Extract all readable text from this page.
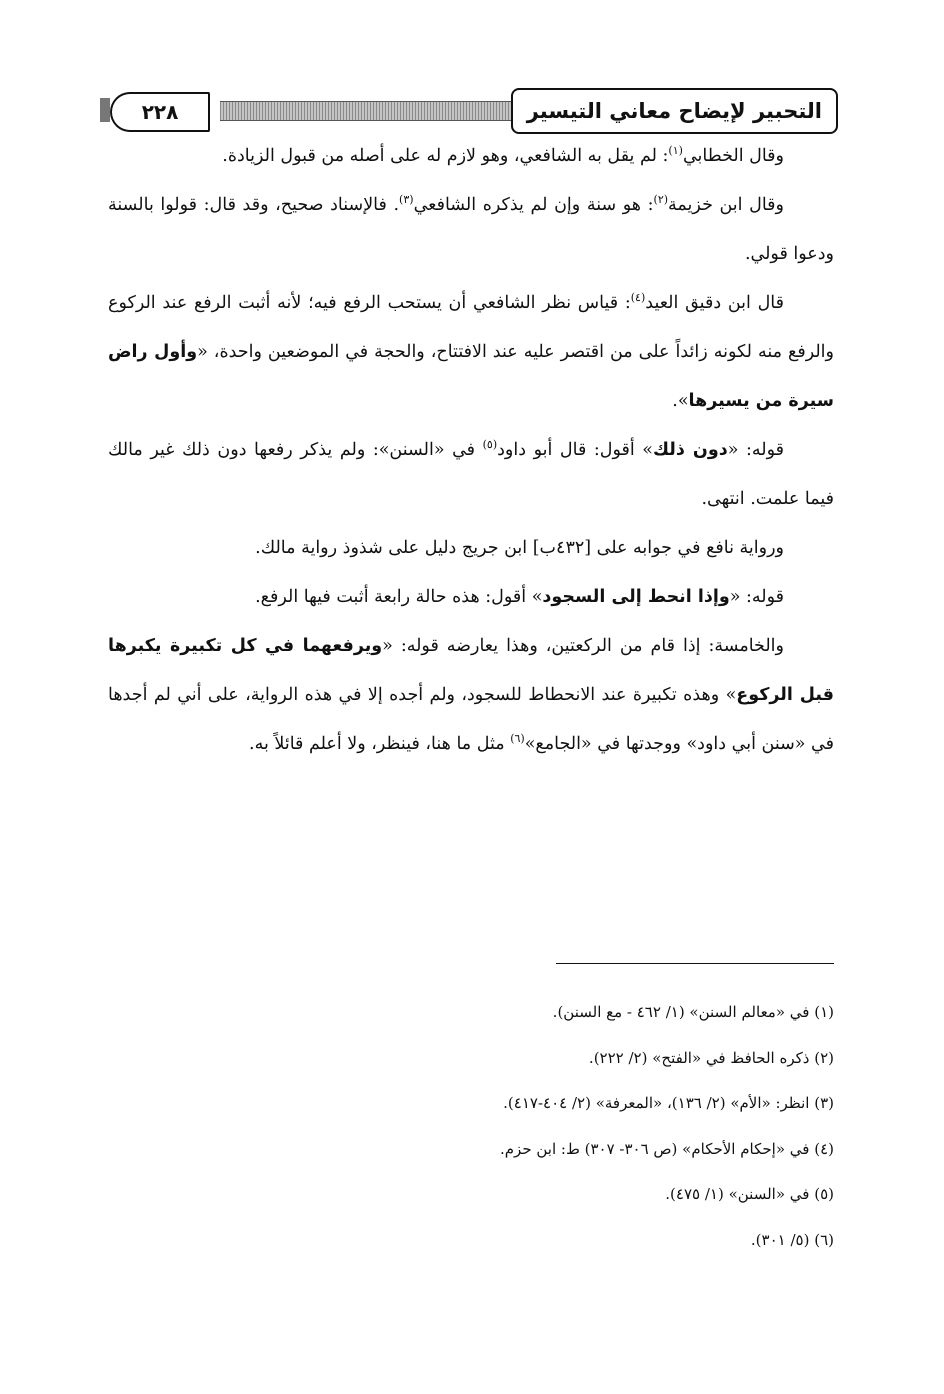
٢٢٨	التحبير لإيضاح معاني التيسير

وقال الخطابي$^{(١)}$: لم يقل به الشافعي، وهو لازم له على أصله من قبول الزيادة.

وقال ابن خزيمة$^{(٢)}$: هو سنة وإن لم يذكره الشافعي$^{(٣)}$. فالإسناد صحيح، وقد قال: قولوا بالسنة ودعوا قولي.

قال ابن دقيق العيد$^{(٤)}$: قياس نظر الشافعي أن يستحب الرفع فيه؛ لأنه أثبت الرفع عند الركوع والرفع منه لكونه زائداً على من اقتصر عليه عند الافتتاح، والحجة في الموضعين واحدة، «وأول راض سيرة من يسيرها».

قوله: «دون ذلك» أقول: قال أبو داود$^{(٥)}$ في «السنن»: ولم يذكر رفعها دون ذلك غير مالك فيما علمت. انتهى.

ورواية نافع في جوابه على [٤٣٢ب] ابن جريج دليل على شذوذ رواية مالك.

قوله: «وإذا انحط إلى السجود» أقول: هذه حالة رابعة أثبت فيها الرفع.

والخامسة: إذا قام من الركعتين، وهذا يعارضه قوله: «ويرفعهما في كل تكبيرة يكبرها قبل الركوع» وهذه تكبيرة عند الانحطاط للسجود، ولم أجده إلا في هذه الرواية، على أني لم أجدها في «سنن أبي داود» ووجدتها في «الجامع»$^{(٦)}$ مثل ما هنا، فينظر، ولا أعلم قائلاً به.

(١) في «معالم السنن» (١/ ٤٦٢ - مع السنن).

(٢) ذكره الحافظ في «الفتح» (٢/ ٢٢٢).

(٣) انظر: «الأم» (٢/ ١٣٦)، «المعرفة» (٢/ ٤٠٤-٤١٧).

(٤) في «إحكام الأحكام» (ص ٣٠٦- ٣٠٧) ط: ابن حزم.

(٥) في «السنن» (١/ ٤٧٥).

(٦) (٥/ ٣٠١).
